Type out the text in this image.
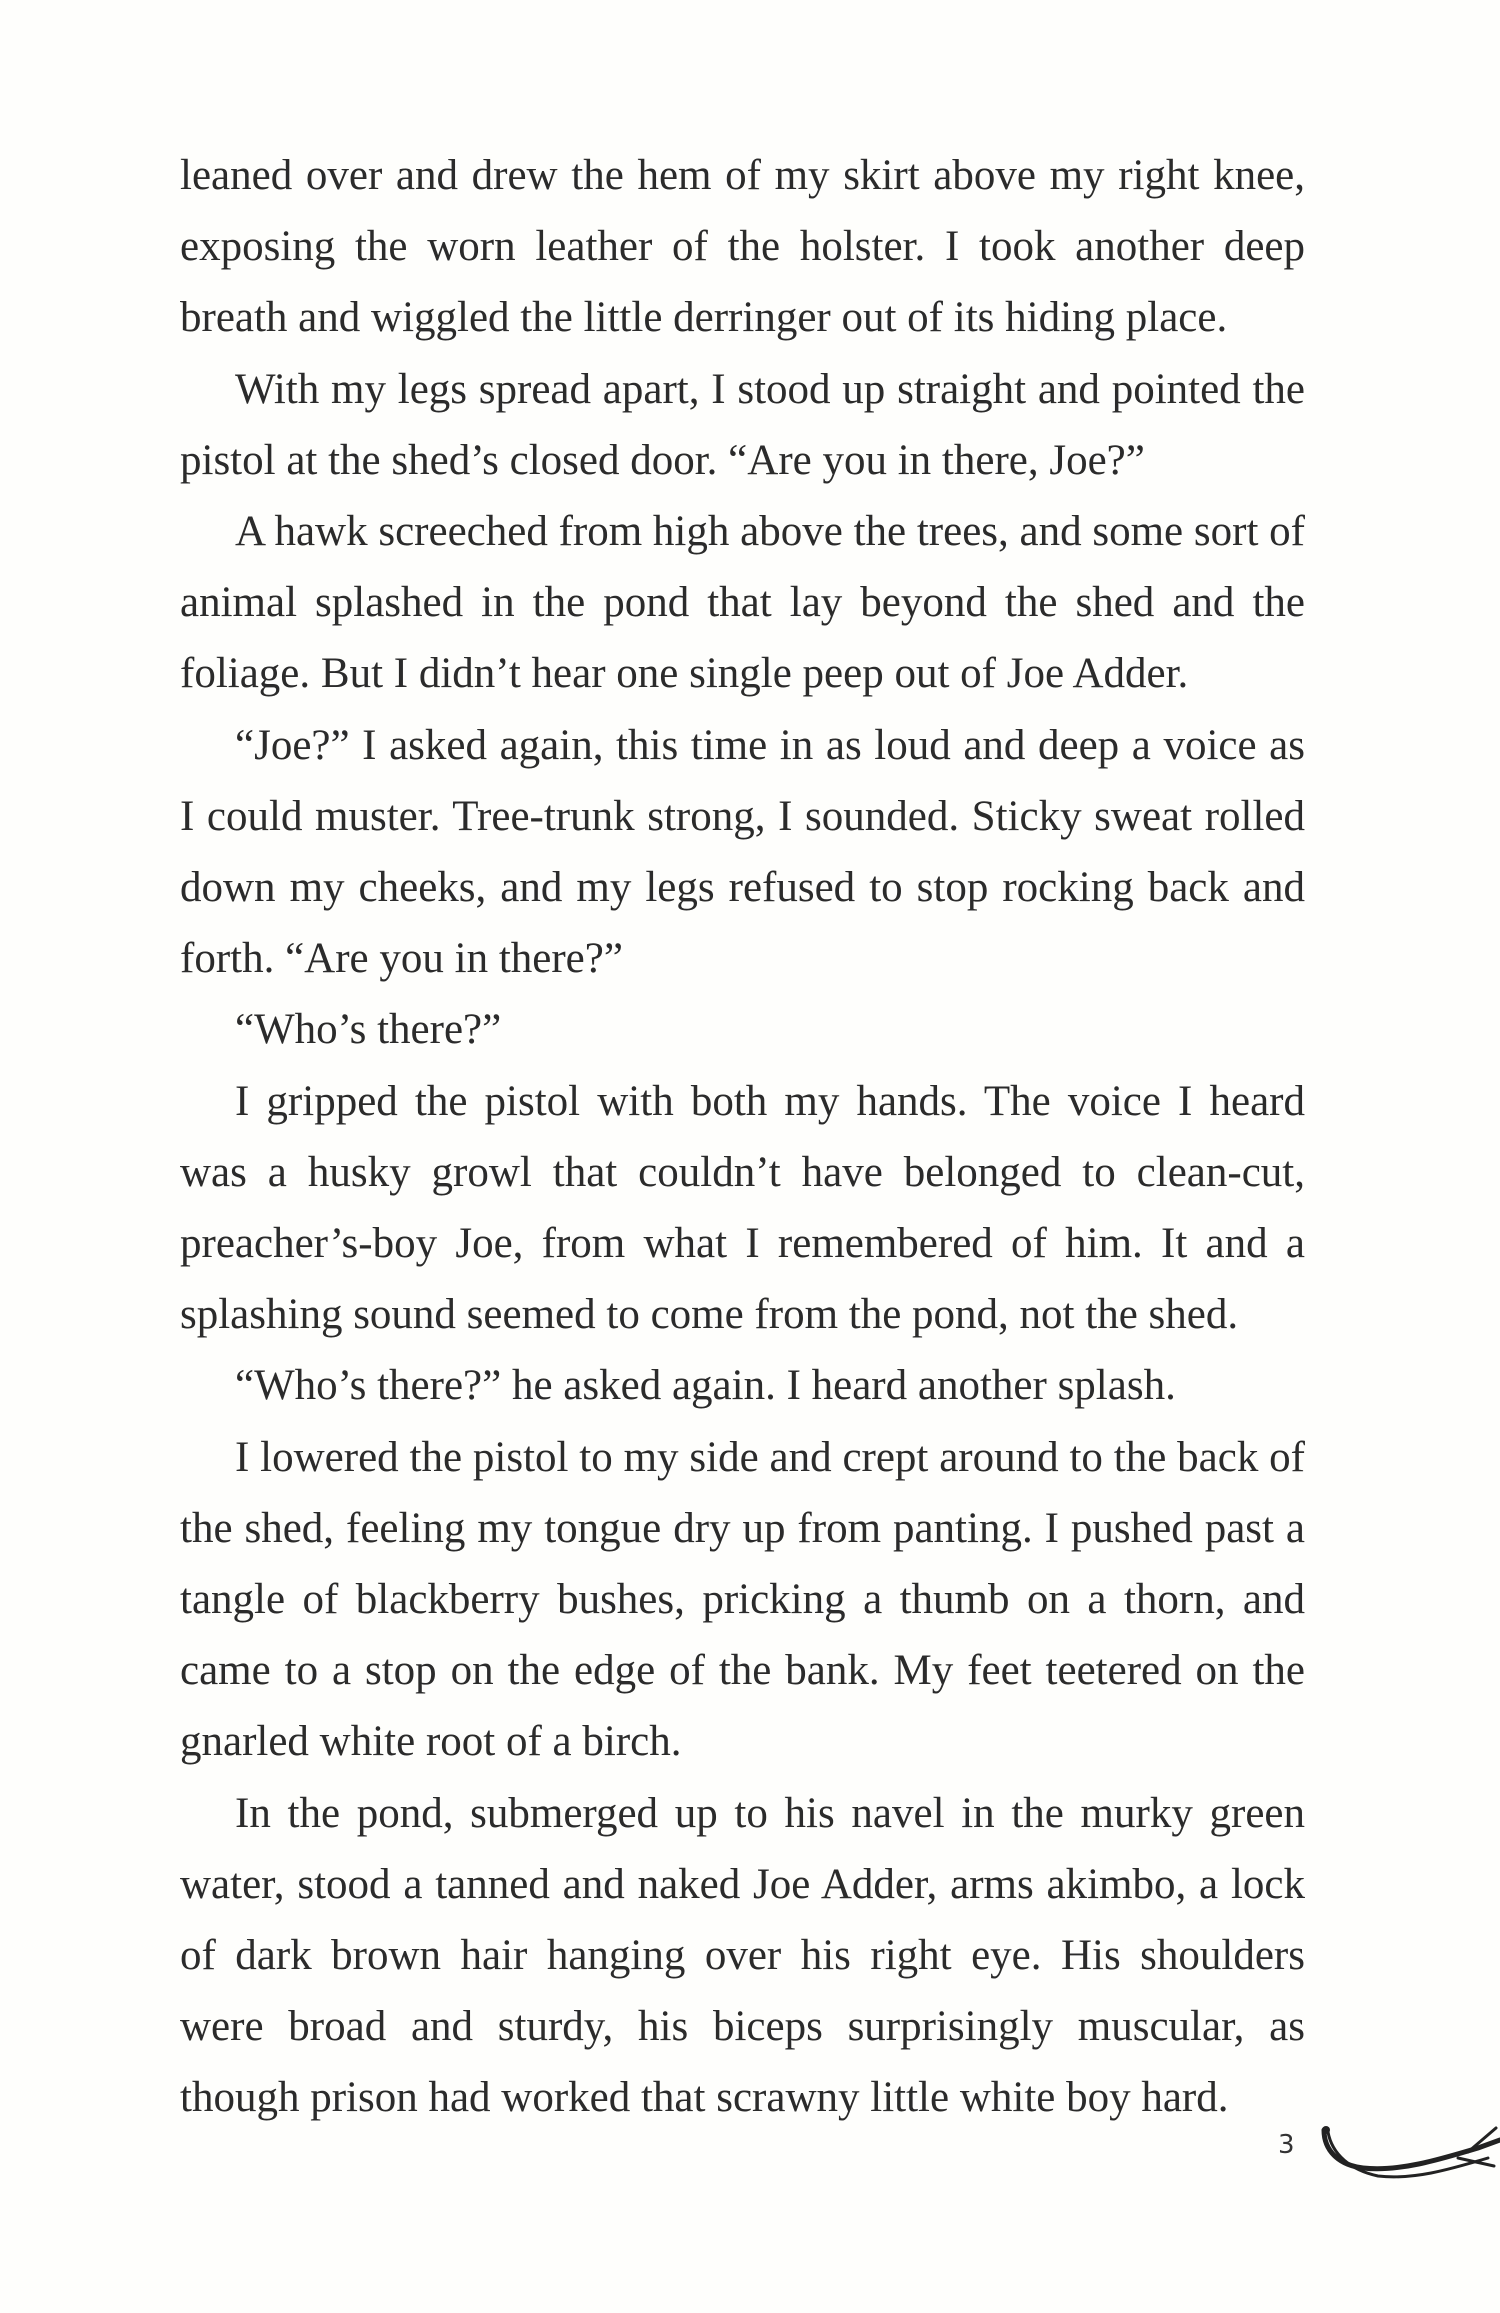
leaned over and drew the hem of my skirt above my right knee, exposing the worn leather of the holster. I took another deep breath and wiggled the little derringer out of its hiding place.

With my legs spread apart, I stood up straight and pointed the pistol at the shed’s closed door. “Are you in there, Joe?”

A hawk screeched from high above the trees, and some sort of animal splashed in the pond that lay beyond the shed and the foliage. But I didn’t hear one single peep out of Joe Adder.

“Joe?” I asked again, this time in as loud and deep a voice as I could muster. Tree-trunk strong, I sounded. Sticky sweat rolled down my cheeks, and my legs refused to stop rocking back and forth. “Are you in there?”

“Who’s there?”

I gripped the pistol with both my hands. The voice I heard was a husky growl that couldn’t have belonged to clean-cut, preacher’s-boy Joe, from what I remembered of him. It and a splashing sound seemed to come from the pond, not the shed.

“Who’s there?” he asked again. I heard another splash.

I lowered the pistol to my side and crept around to the back of the shed, feeling my tongue dry up from panting. I pushed past a tangle of blackberry bushes, pricking a thumb on a thorn, and came to a stop on the edge of the bank. My feet teetered on the gnarled white root of a birch.

In the pond, submerged up to his navel in the murky green water, stood a tanned and naked Joe Adder, arms akimbo, a lock of dark brown hair hanging over his right eye. His shoulders were broad and sturdy, his biceps surprisingly muscular, as though prison had worked that scrawny little white boy hard.

3
